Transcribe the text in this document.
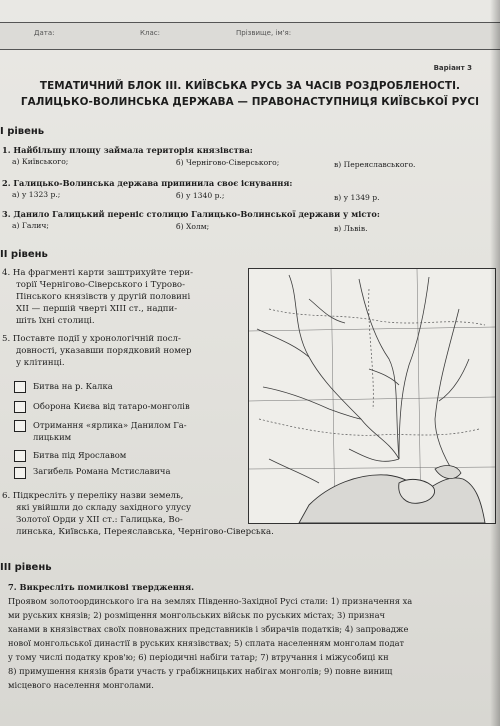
Дата:	Клас:	Прізвище, ім'я:
Варіант 3
ТЕМАТИЧНИЙ БЛОК ІІІ. КИЇВСЬКА РУСЬ ЗА ЧАСІВ РОЗДРОБЛЕНОСТІ.
ГАЛИЦЬКО-ВОЛИНСЬКА ДЕРЖАВА — ПРАВОНАСТУПНИЦЯ КИЇВСЬКОЇ РУСІ
І рівень
1. Найбільшу площу займала територія князівства:
а) Київського;	б) Чернігово-Сіверського;	в) Переяславського.
2. Галицько-Волинська держава припинила своє існування:
а) у 1323 р.;	б) у 1340 р.;	в) у 1349 р.
3. Данило Галицький переніс столицю Галицько-Волинської держави у місто:
а) Галич;	б) Холм;	в) Львів.
ІІ рівень
4. На фрагменті карти заштрихуйте тери-
торії Чернігово-Сіверського і Турово-
Пінського князівств у другій половині
XII — першій чверті XIII ст., надпи-
шіть їхні столиці.
5. Поставте події у хронологічній посл-
довності, указавши порядковий номер
у клітинці.
Битва на р. Калка
Оборона Києва від татаро-монголів
Отримання «ярлика» Данилом Га-
лицьким
Битва під Ярославом
Загибель Романа Мстиславича
6. Підкресліть у переліку назви земель,
які увійшли до складу західного улусу
Золотої Орди у XII ст.: Галицька, Во-
линська, Київська, Переяславська, Чернігово-Сіверська.
ІІІ рівень
7. Викресліть помилкові твердження.
Проявом золотоординського іга на землях Південно-Західної Русі стали: 1) призначення ха
ми руських князів; 2) розміщення монгольських військ по руських містах; 3) признач
ханами в князівствах своїх повноважних представників і збирачів податків; 4) запровадже
нової монгольської династії в руських князівствах; 5) сплата населенням монголам подат
у тому числі податку кров'ю; 6) періодичні набіги татар; 7) втручання і міжусобиці кн
8) примушення князів брати участь у грабіжницьких набігах монголів; 9) повне винищ
місцевого населення монголами.
